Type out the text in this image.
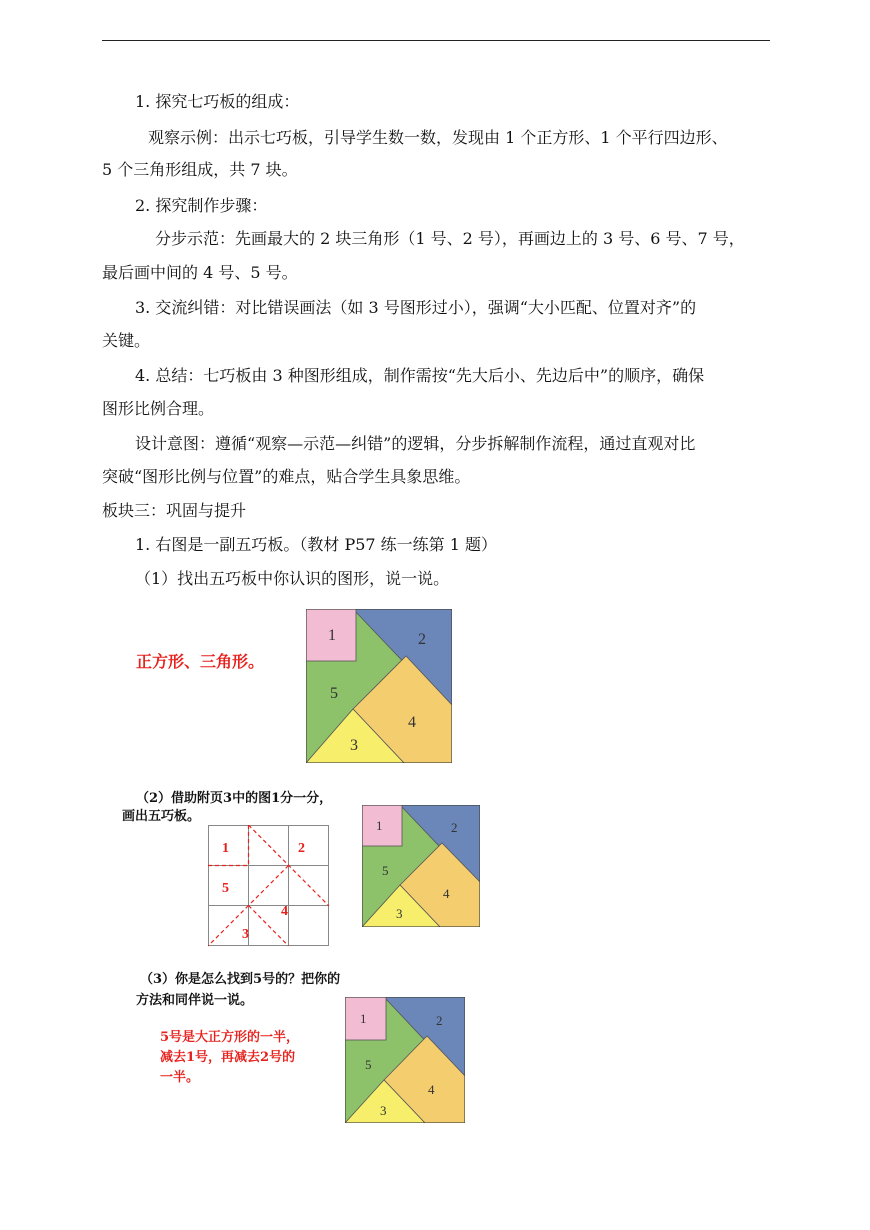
1. 探究七巧板的组成：
观察示例：出示七巧板，引导学生数一数，发现由 1 个正方形、1 个平行四边形、
5 个三角形组成，共 7 块。
2. 探究制作步骤：
分步示范：先画最大的 2 块三角形（1 号、2 号），再画边上的 3 号、6 号、7 号，
最后画中间的 4 号、5 号。
3. 交流纠错：对比错误画法（如 3 号图形过小），强调“大小匹配、位置对齐”的
关键。
4. 总结：七巧板由 3 种图形组成，制作需按“先大后小、先边后中”的顺序，确保
图形比例合理。
设计意图：遵循“观察—示范—纠错”的逻辑，分步拆解制作流程，通过直观对比
突破“图形比例与位置”的难点，贴合学生具象思维。
板块三：巩固与提升
1. 右图是一副五巧板。（教材 P57 练一练第 1 题）
（1）找出五巧板中你认识的图形，说一说。
正方形、三角形。
1	2
3
4
5
（2）借助附页3中的图1分一分，
画出五巧板。
1	2
5
4
3
1	2
3
4
5
（3）你是怎么找到5号的？把你的
方法和同伴说一说。
5号是大正方形的一半，
减去1号，再减去2号的
一半。
1	2
3
4
5
